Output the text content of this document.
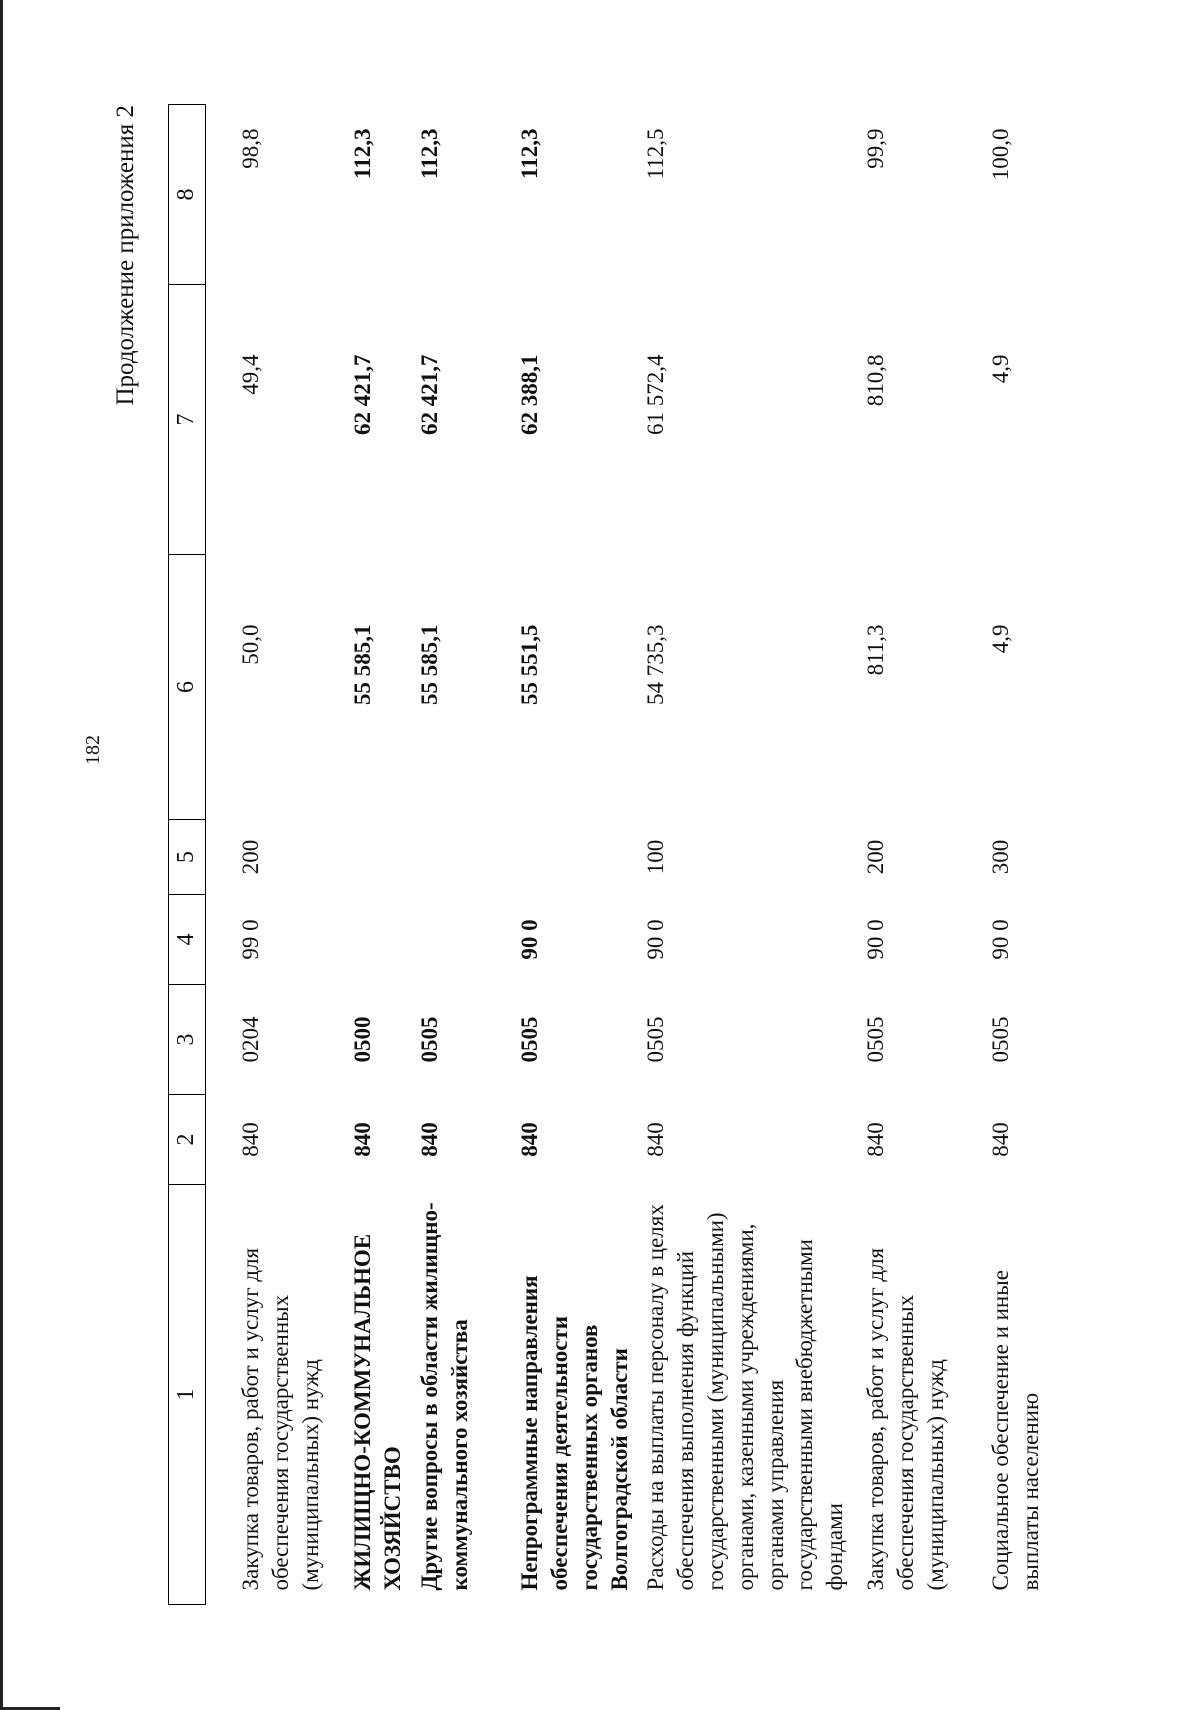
182
Продолжение приложения 2
1	2	3	4	5	6	7	8
Закупка товаров, работ и услуг для обеспечения государственных (муниципальных) нужд	840	0204	99 0	200	50,0	49,4	98,8
ЖИЛИЩНО-КОММУНАЛЬНОЕ ХОЗЯЙСТВО	840	0500			55 585,1	62 421,7	112,3
Другие вопросы в области жилищно-коммунального хозяйства	840	0505			55 585,1	62 421,7	112,3
Непрограммные направления обеспечения деятельности государственных органов Волгоградской области	840	0505	90 0		55 551,5	62 388,1	112,3
Расходы на выплаты персоналу в целях обеспечения выполнения функций государственными (муниципальными) органами, казенными учреждениями, органами управления государственными внебюджетными фондами	840	0505	90 0	100	54 735,3	61 572,4	112,5
Закупка товаров, работ и услуг для обеспечения государственных (муниципальных) нужд	840	0505	90 0	200	811,3	810,8	99,9
Социальное обеспечение и иные выплаты населению	840	0505	90 0	300	4,9	4,9	100,0
